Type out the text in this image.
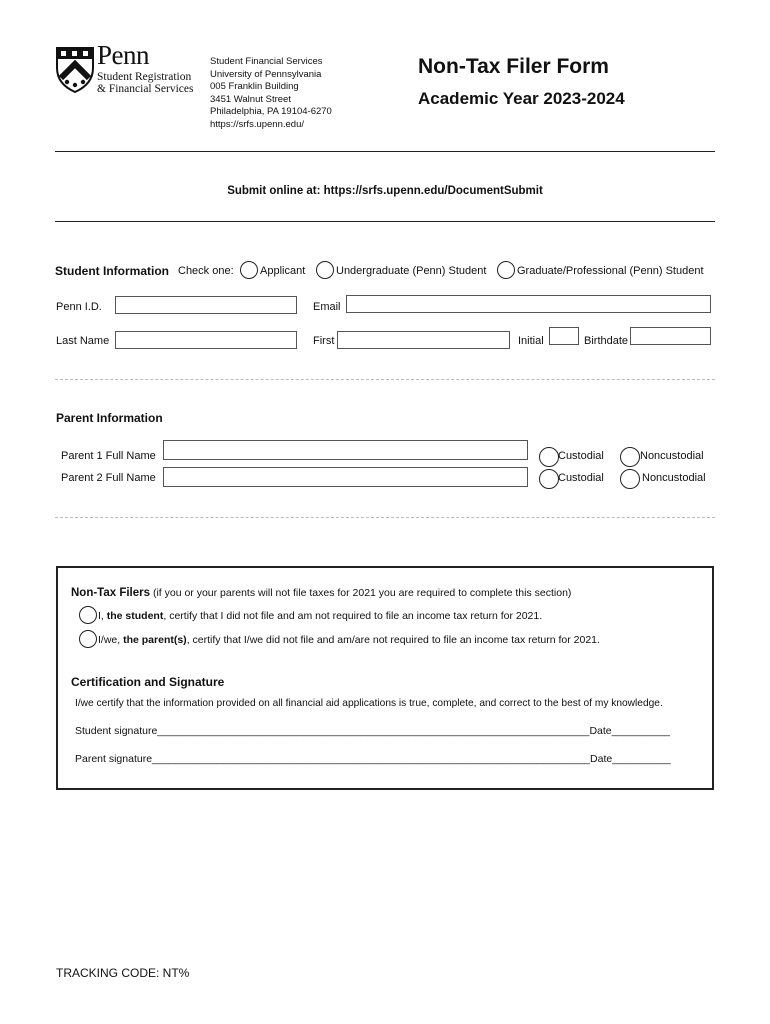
Penn
Student Registration
& Financial Services
Student Financial Services
University of Pennsylvania
005 Franklin Building
3451 Walnut Street
Philadelphia, PA 19104-6270
https://srfs.upenn.edu/
Non-Tax Filer Form
Academic Year 2023-2024
Submit online at: https://srfs.upenn.edu/DocumentSubmit
Student Information Check one: Applicant	Undergraduate (Penn) Student	Graduate/Professional (Penn) Student
Penn I.D.	Email
Last Name	First	Initial	Birthdate
Parent Information
Parent 1 Full Name	Custodial	Noncustodial
Parent 2 Full Name	Custodial	Noncustodial
Non-Tax Filers (if you or your parents will not file taxes for 2021 you are required to complete this section)
I, the student, certify that I did not file and am not required to file an income tax return for 2021.
I/we, the parent(s), certify that I/we did not file and am/are not required to file an income tax return for 2021.
Certification and Signature
I/we certify that the information provided on all financial aid applications is true, complete, and correct to the best of my knowledge.
Student signature__________________________________________________________________________Date__________
Parent signature___________________________________________________________________________Date__________
TRACKING CODE: NT%
